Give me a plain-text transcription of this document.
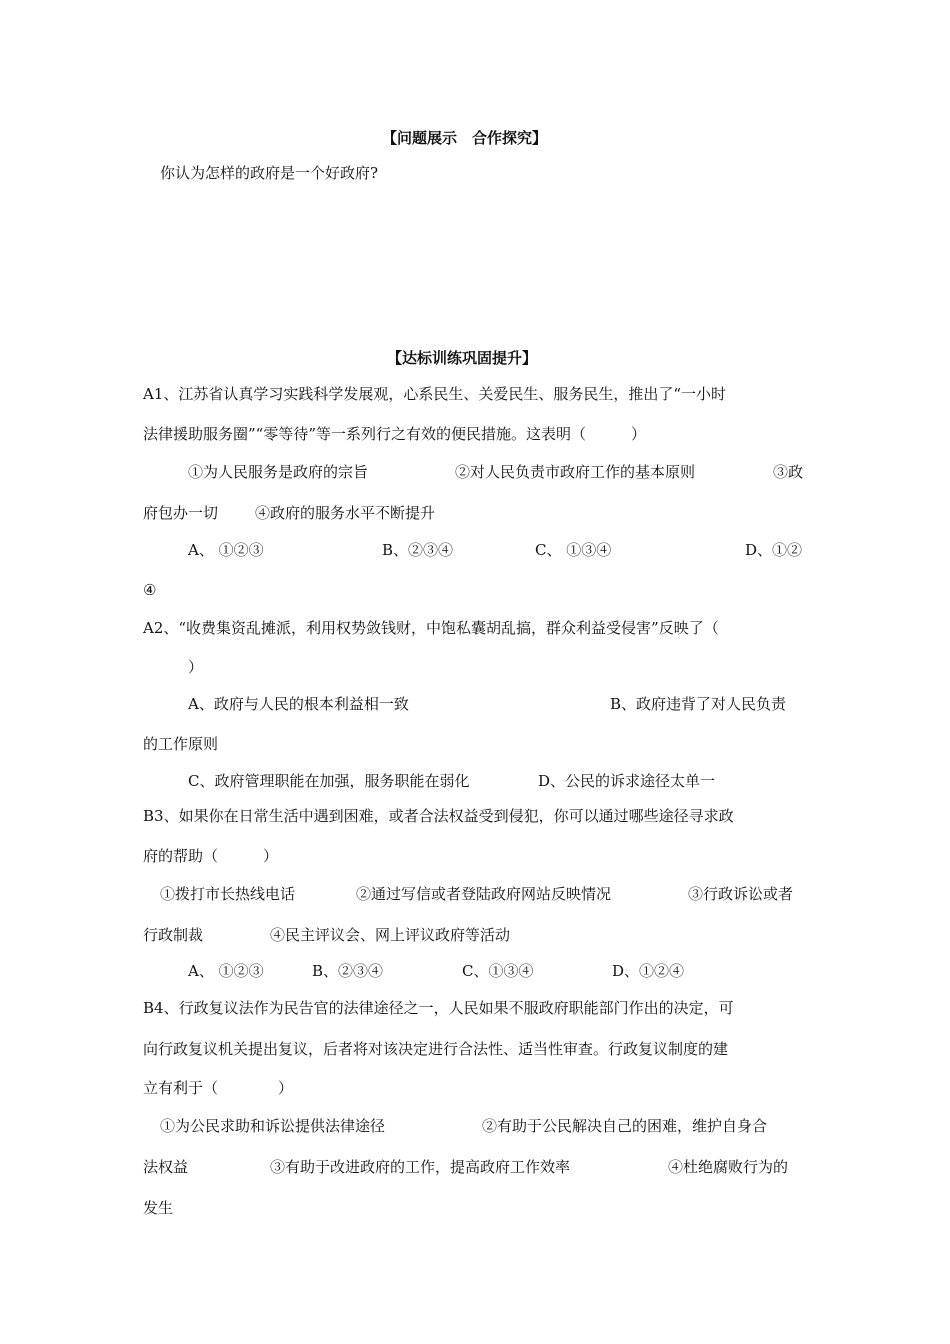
【问题展示　合作探究】
你认为怎样的政府是一个好政府?
【达标训练巩固提升】
A1、江苏省认真学习实践科学发展观，心系民生、关爱民生、服务民生，推出了“一小时
法律援助服务圈”“零等待”等一系列行之有效的便民措施。这表明（　　　）
①为人民服务是政府的宗旨	②对人民负责市政府工作的基本原则	③政
府包办一切 ④政府的服务水平不断提升
A、 ①②③	B、②③④	C、 ①③④	D、①②
④
A2、“收费集资乱摊派，利用权势敛钱财，中饱私囊胡乱搞，群众利益受侵害”反映了（
）
A、政府与人民的根本利益相一致	B、政府违背了对人民负责
的工作原则
C、政府管理职能在加强，服务职能在弱化	D、公民的诉求途径太单一
B3、如果你在日常生活中遇到困难，或者合法权益受到侵犯，你可以通过哪些途径寻求政
府的帮助（　　　）
①拨打市长热线电话	②通过写信或者登陆政府网站反映情况	③行政诉讼或者
行政制裁	④民主评议会、网上评议政府等活动
A、 ①②③	B、②③④	C、①③④	D、①②④
B4、行政复议法作为民告官的法律途径之一，人民如果不服政府职能部门作出的决定，可
向行政复议机关提出复议，后者将对该决定进行合法性、适当性审查。行政复议制度的建
立有利于（　　　　）
①为公民求助和诉讼提供法律途径	②有助于公民解决自己的困难，维护自身合
法权益	③有助于改进政府的工作，提高政府工作效率	④杜绝腐败行为的
发生
